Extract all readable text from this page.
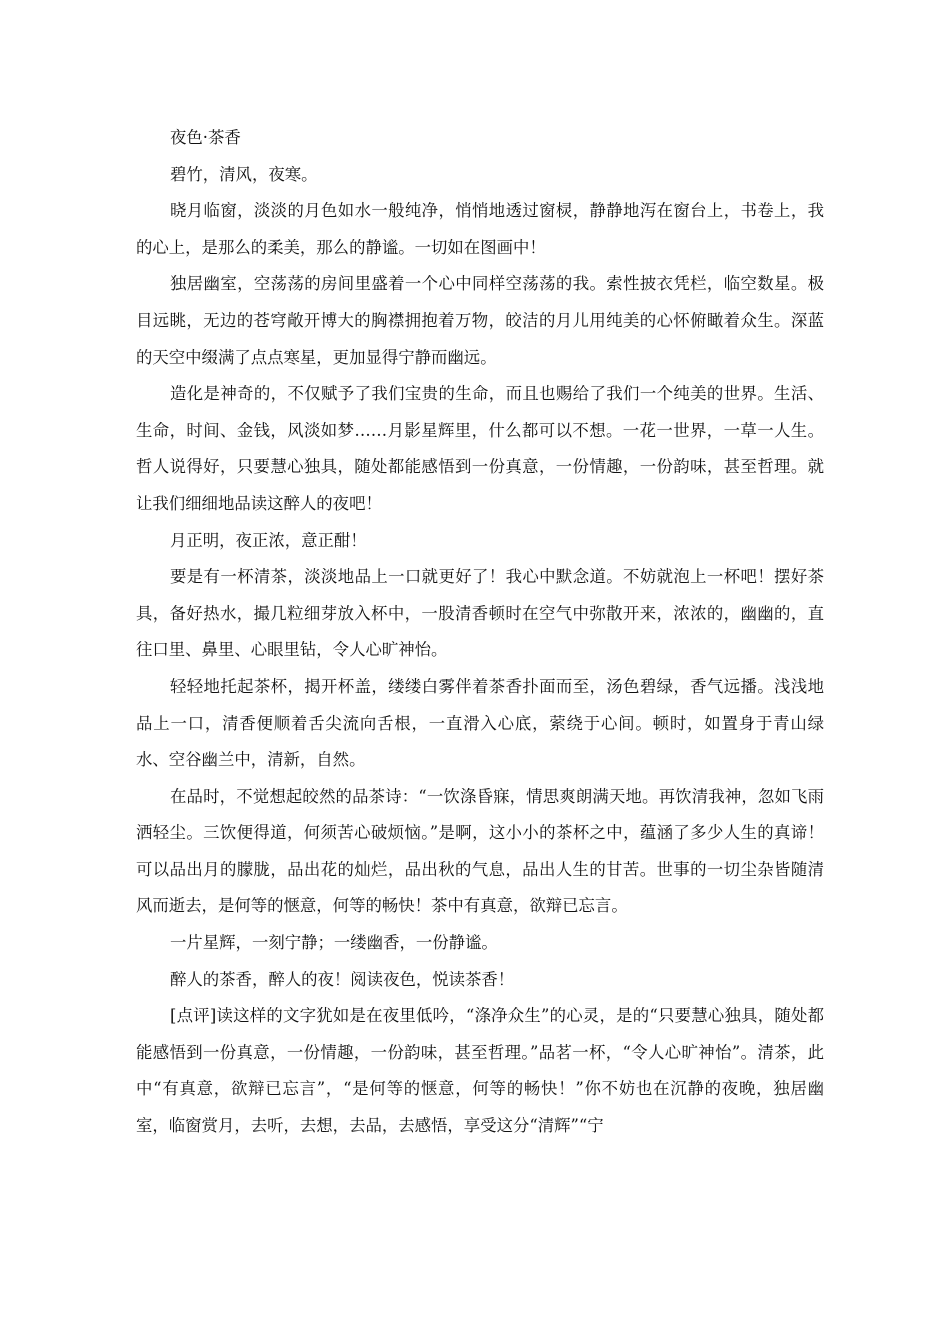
夜色·茶香

碧竹，清风，夜寒。

晓月临窗，淡淡的月色如水一般纯净，悄悄地透过窗棂，静静地泻在窗台上，书卷上，我的心上，是那么的柔美，那么的静谧。一切如在图画中！

独居幽室，空荡荡的房间里盛着一个心中同样空荡荡的我。索性披衣凭栏，临空数星。极目远眺，无边的苍穹敞开博大的胸襟拥抱着万物，皎洁的月儿用纯美的心怀俯瞰着众生。深蓝的天空中缀满了点点寒星，更加显得宁静而幽远。

造化是神奇的，不仅赋予了我们宝贵的生命，而且也赐给了我们一个纯美的世界。生活、生命，时间、金钱，风淡如梦……月影星辉里，什么都可以不想。一花一世界，一草一人生。哲人说得好，只要慧心独具，随处都能感悟到一份真意，一份情趣，一份韵味，甚至哲理。就让我们细细地品读这醉人的夜吧！

月正明，夜正浓，意正酣！

要是有一杯清茶，淡淡地品上一口就更好了！我心中默念道。不妨就泡上一杯吧！摆好茶具，备好热水，撮几粒细芽放入杯中，一股清香顿时在空气中弥散开来，浓浓的，幽幽的，直往口里、鼻里、心眼里钻，令人心旷神怡。

轻轻地托起茶杯，揭开杯盖，缕缕白雾伴着茶香扑面而至，汤色碧绿，香气远播。浅浅地品上一口，清香便顺着舌尖流向舌根，一直滑入心底，萦绕于心间。顿时，如置身于青山绿水、空谷幽兰中，清新，自然。

在品时，不觉想起皎然的品茶诗：“一饮涤昏寐，情思爽朗满天地。再饮清我神，忽如飞雨洒轻尘。三饮便得道，何须苦心破烦恼。”是啊，这小小的茶杯之中，蕴涵了多少人生的真谛！可以品出月的朦胧，品出花的灿烂，品出秋的气息，品出人生的甘苦。世事的一切尘杂皆随清风而逝去，是何等的惬意，何等的畅快！茶中有真意，欲辩已忘言。

一片星辉，一刻宁静；一缕幽香，一份静谧。

醉人的茶香，醉人的夜！阅读夜色，悦读茶香！

[点评]读这样的文字犹如是在夜里低吟，“涤净众生”的心灵，是的“只要慧心独具，随处都能感悟到一份真意，一份情趣，一份韵味，甚至哲理。”品茗一杯，“令人心旷神怡”。清茶，此中“有真意，欲辩已忘言”，“是何等的惬意，何等的畅快！”你不妨也在沉静的夜晚，独居幽室，临窗赏月，去听，去想，去品，去感悟，享受这分“清辉”“宁
